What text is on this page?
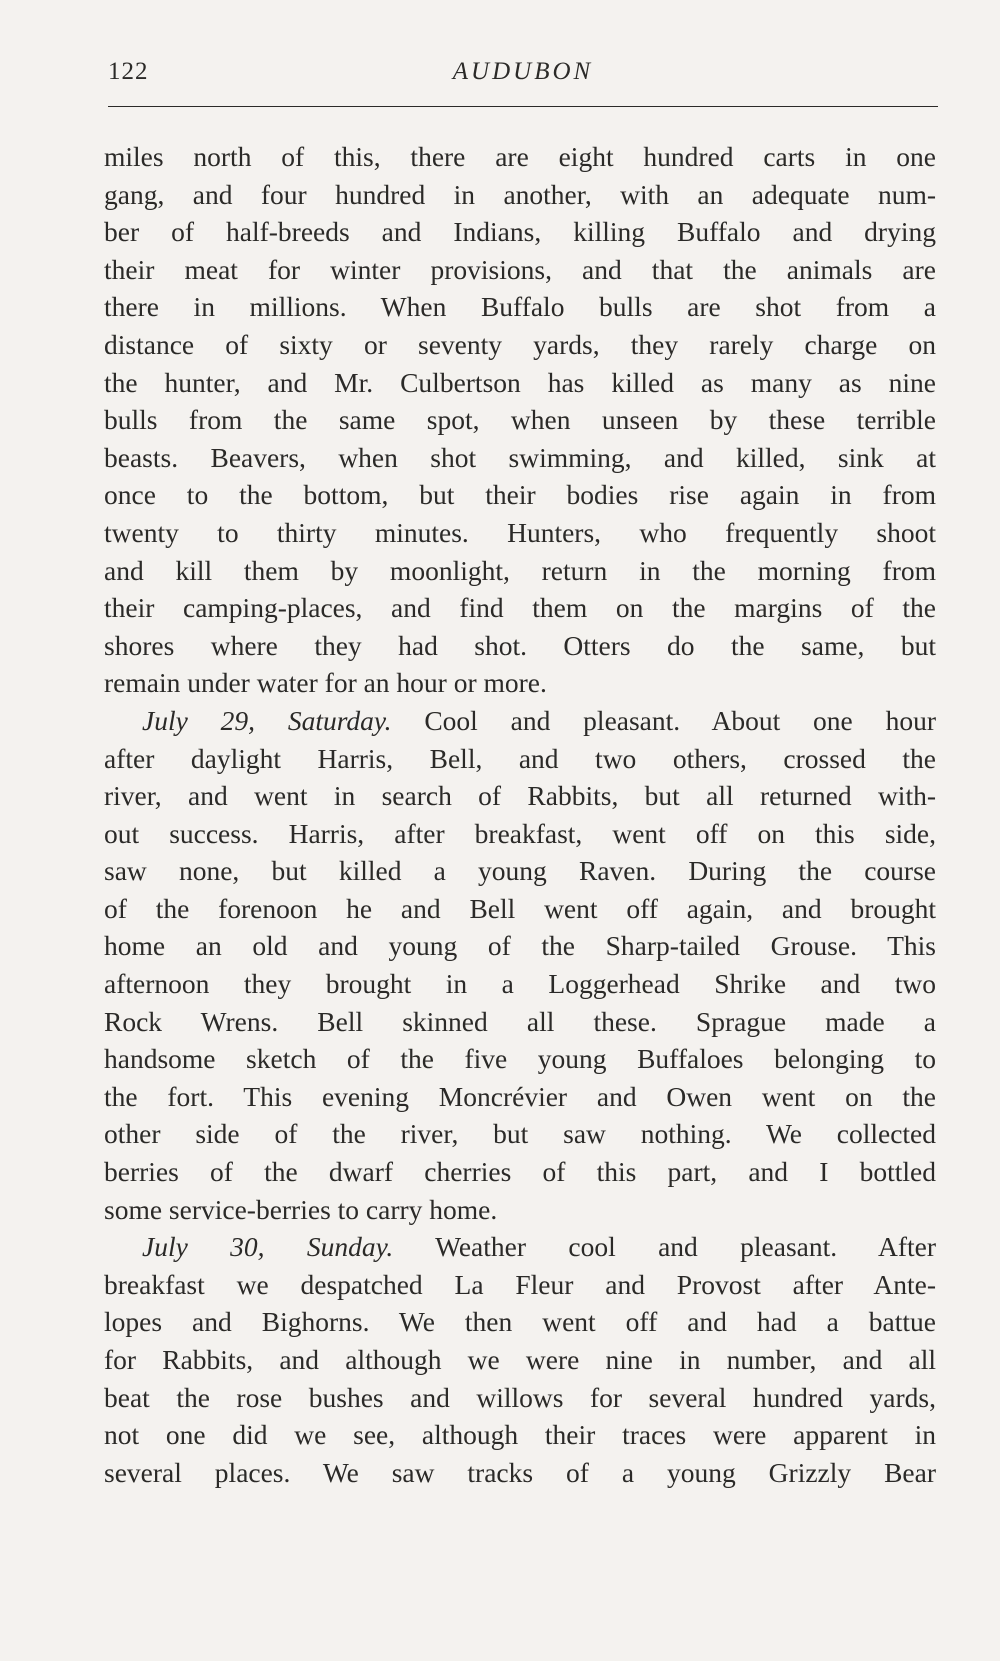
122	AUDUBON
miles north of this, there are eight hundred carts in one
gang, and four hundred in another, with an adequate num-
ber of half-breeds and Indians, killing Buffalo and drying
their meat for winter provisions, and that the animals are
there in millions. When Buffalo bulls are shot from a
distance of sixty or seventy yards, they rarely charge on
the hunter, and Mr. Culbertson has killed as many as nine
bulls from the same spot, when unseen by these terrible
beasts. Beavers, when shot swimming, and killed, sink at
once to the bottom, but their bodies rise again in from
twenty to thirty minutes. Hunters, who frequently shoot
and kill them by moonlight, return in the morning from
their camping-places, and find them on the margins of the
shores where they had shot. Otters do the same, but
remain under water for an hour or more.
July 29, Saturday. Cool and pleasant. About one hour
after daylight Harris, Bell, and two others, crossed the
river, and went in search of Rabbits, but all returned with-
out success. Harris, after breakfast, went off on this side,
saw none, but killed a young Raven. During the course
of the forenoon he and Bell went off again, and brought
home an old and young of the Sharp-tailed Grouse. This
afternoon they brought in a Loggerhead Shrike and two
Rock Wrens. Bell skinned all these. Sprague made a
handsome sketch of the five young Buffaloes belonging to
the fort. This evening Moncrévier and Owen went on the
other side of the river, but saw nothing. We collected
berries of the dwarf cherries of this part, and I bottled
some service-berries to carry home.
July 30, Sunday. Weather cool and pleasant. After
breakfast we despatched La Fleur and Provost after Ante-
lopes and Bighorns. We then went off and had a battue
for Rabbits, and although we were nine in number, and all
beat the rose bushes and willows for several hundred yards,
not one did we see, although their traces were apparent in
several places. We saw tracks of a young Grizzly Bear
